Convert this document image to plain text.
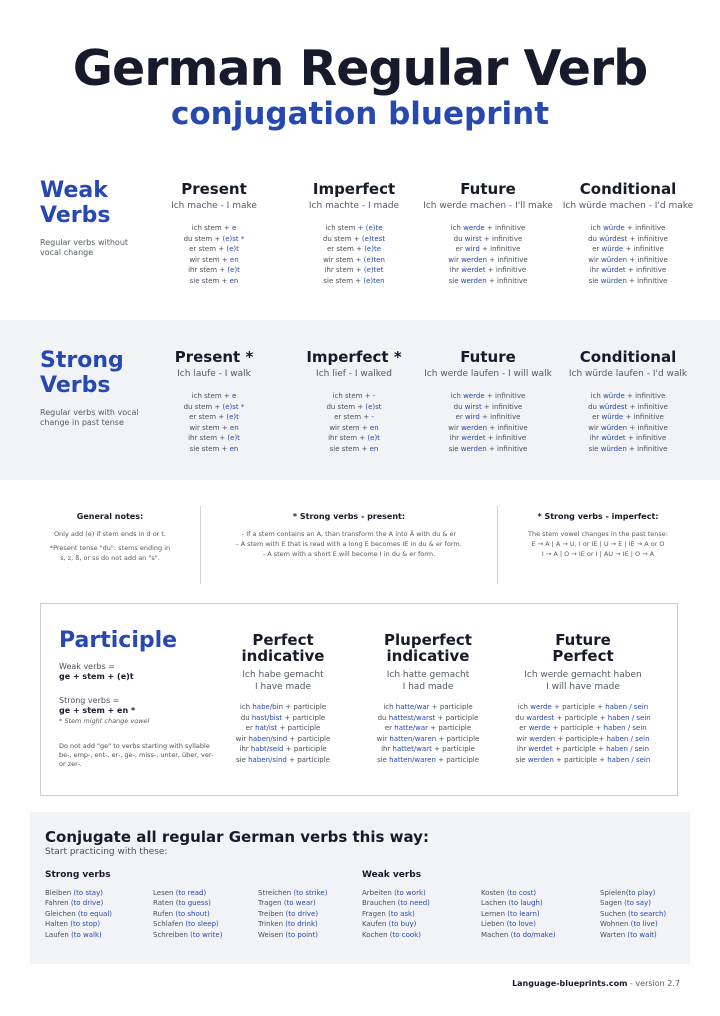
German Regular Verb
conjugation blueprint
Weak
Verbs
Regular verbs without vocal change
Present
Ich mache - I make
ich stem + e
du stem + (e)st *
er stem + (e)t
wir stem + en
ihr stem + (e)t
sie stem + en
Imperfect
Ich machte - I made
ich stem + (e)te
du stem + (e)test
er stem + (e)te
wir stem + (e)ten
ihr stem + (e)tet
sie stem + (e)ten
Future
Ich werde machen - I'll make
ich werde + infinitive
du wirst + infinitive
er wird + infinitive
wir werden + infinitive
ihr werdet + infinitive
sie werden + infinitive
Conditional
Ich würde machen - I'd make
ich würde + infinitive
du würdest + infinitive
er würde + infinitive
wir würden + infinitive
ihr würdet + infinitive
sie würden + infinitive
Strong
Verbs
Regular verbs with vocal change in past tense
Present *
Ich laufe - I walk
ich stem + e
du stem + (e)st *
er stem + (e)t
wir stem + en
ihr stem + (e)t
sie stem + en
Imperfect *
Ich lief - I walked
ich stem + -
du stem + (e)st
er stem + -
wir stem + en
ihr stem + (e)t
sie stem + en
Future
Ich werde laufen - I will walk
ich werde + infinitive
du wirst + infinitive
er wird + infinitive
wir werden + infinitive
ihr werdet + infinitive
sie werden + infinitive
Conditional
Ich würde laufen - I'd walk
ich würde + infinitive
du würdest + infinitive
er würde + infinitive
wir würden + infinitive
ihr würdet + infinitive
sie würden + infinitive
General notes:
Only add (e) if stem ends in d or t.
*Present tense "du": stems ending in
s, z, ß, or ss do not add an "s".
* Strong verbs - present:
- If a stem contains an A, than transform the A into Ä with du & er
- A stem with E that is read with a long E becomes IE in du & er form.
- A stem with a short E will become I in du & er form.
* Strong verbs - imperfect:
The stem vowel changes in the past tense:
E → A | A → U, I or IE | U → E | IE → A or O
I → A | O → IE or I | AU → IE | O → A
Participle
Weak verbs =
ge + stem + (e)t
Strong verbs =
ge + stem + en *
* Stem might change vowel
Do not add "ge" to verbs starting with syllable be-, emp-, ent-, er-, ge-, miss-, unter, über, ver- or zer-.
Perfect
indicative
Ich habe gemacht
I have made
ich habe/bin + participle
du hast/bist + participle
er hat/ist + participle
wir haben/sind + participle
ihr habt/seid + participle
sie haben/sind + participle
Pluperfect
indicative
Ich hatte gemacht
I had made
ich hatte/war + participle
du hattest/warst + participle
er hatte/war + participle
wir hatten/waren + participle
ihr hattet/wart + participle
sie hatten/waren + participle
Future
Perfect
Ich werde gemacht haben
I will have made
ich werde + participle + haben / sein
du wardest + participle + haben / sein
er werde + participle + haben / sein
wir werden + participle+ haben / sein
ihr werdet + participle + haben / sein
sie werden + participle + haben / sein
Conjugate all regular German verbs this way:
Start practicing with these:
Strong verbs	Weak verbs
Bleiben (to stay)
Fahren (to drive)
Gleichen (to equal)
Halten (to stop)
Laufen (to walk)
Lesen (to read)
Raten (to guess)
Rufen (to shout)
Schlafen (to sleep)
Schreiben (to write)
Streichen (to strike)
Tragen (to wear)
Treiben (to drive)
Trinken (to drink)
Weisen (to point)
Arbeiten (to work)
Brauchen (to need)
Fragen (to ask)
Kaufen (to buy)
Kochen (to cook)
Kosten (to cost)
Lachen (to laugh)
Lernen (to learn)
Lieben (to love)
Machen (to do/make)
Spielen(to play)
Sagen (to say)
Suchen (to search)
Wohnen (to live)
Warten (to wait)
Language-blueprints.com - version 2.7
